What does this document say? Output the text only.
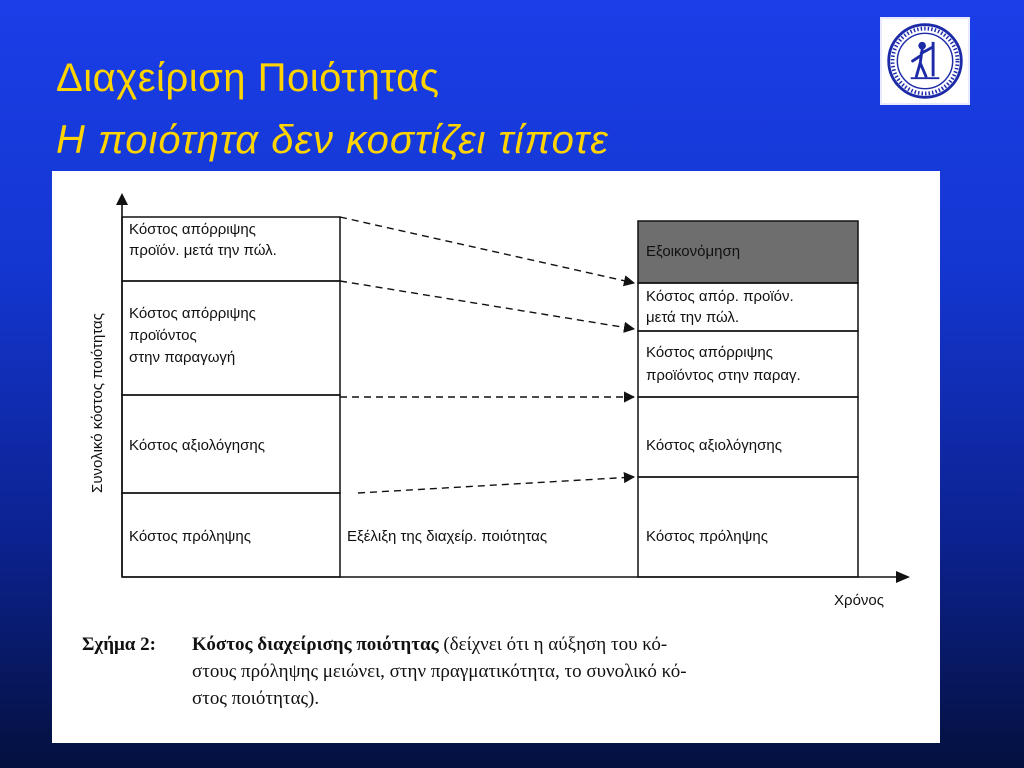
Διαχείριση Ποιότητας
Η ποιότητα δεν κοστίζει τίποτε
Συνολικό κόστος ποιότητας
Χρόνος
Κόστος απόρριψης
προϊόν. μετά την πώλ.
Κόστος απόρριψης
προϊόντος
στην παραγωγή
Κόστος αξιολόγησης
Κόστος πρόληψης	Εξέλιξη της διαχείρ. ποιότητας
Εξοικονόμηση
Κόστος απόρ. προϊόν.
μετά την πώλ.
Κόστος απόρριψης
προϊόντος στην παραγ.
Κόστος αξιολόγησης
Κόστος πρόληψης
Σχήμα 2: Κόστος διαχείρισης ποιότητας (δείχνει ότι η αύξηση του κό-
στους πρόληψης μειώνει, στην πραγματικότητα, το συνολικό κό-
στος ποιότητας).
